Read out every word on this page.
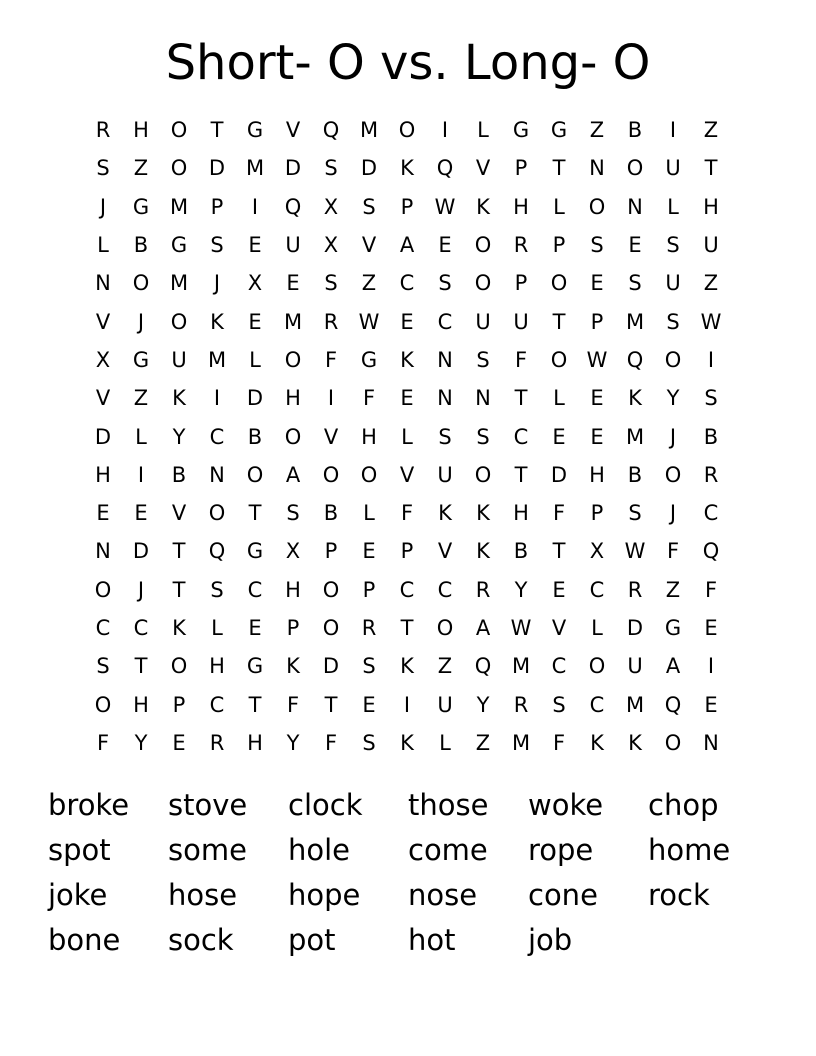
Short- O vs. Long- O
R	H	O	T	G	V	Q M O	I	L	G	G	Z	B	I	Z
S	Z	O	D M D	S	D	K	Q	V	P	T	N	O	U	T
J	G M	P	I	Q	X	S	P	W K	H	L	O	N	L	H
L	B	G	S	E	U	X	V	A	E	O	R	P	S	E	S	U
N	O M	J	X	E	S	Z	C	S	O	P	O	E	S	U	Z
V	J	O	K	E	M	R W E	C	U	U	T	P	M	S W
X	G	U	M	L	O	F	G	K	N	S	F	O W Q	O	I
V	Z	K	I	D	H	I	F	E	N	N	T	L	E	K	Y	S
D	L	Y	C	B	O	V	H	L	S	S	C	E	E	M	J	B
H	I	B	N	O	A	O	O	V	U	O	T	D	H	B	O	R
E	E	V	O	T	S	B	L	F	K	K	H	F	P	S	J	C
N	D	T	Q	G	X	P	E	P	V	K	B	T	X W	F	Q
O	J	T	S	C	H	O	P	C	C	R	Y	E	C	R	Z	F
C	C	K	L	E	P	O	R	T	O	A W V	L	D	G	E
S	T	O	H	G	K	D	S	K	Z	Q M	C	O	U	A	I
O	H	P	C	T	F	T	E	I	U	Y	R	S	C	M Q	E
F	Y	E	R	H	Y	F	S	K	L	Z	M	F	K	K	O	N
broke	stove	clock	those	woke	chop
spot	some	hole	come	rope	home
joke	hose	hope	nose	cone	rock
bone	sock	pot	hot	job
